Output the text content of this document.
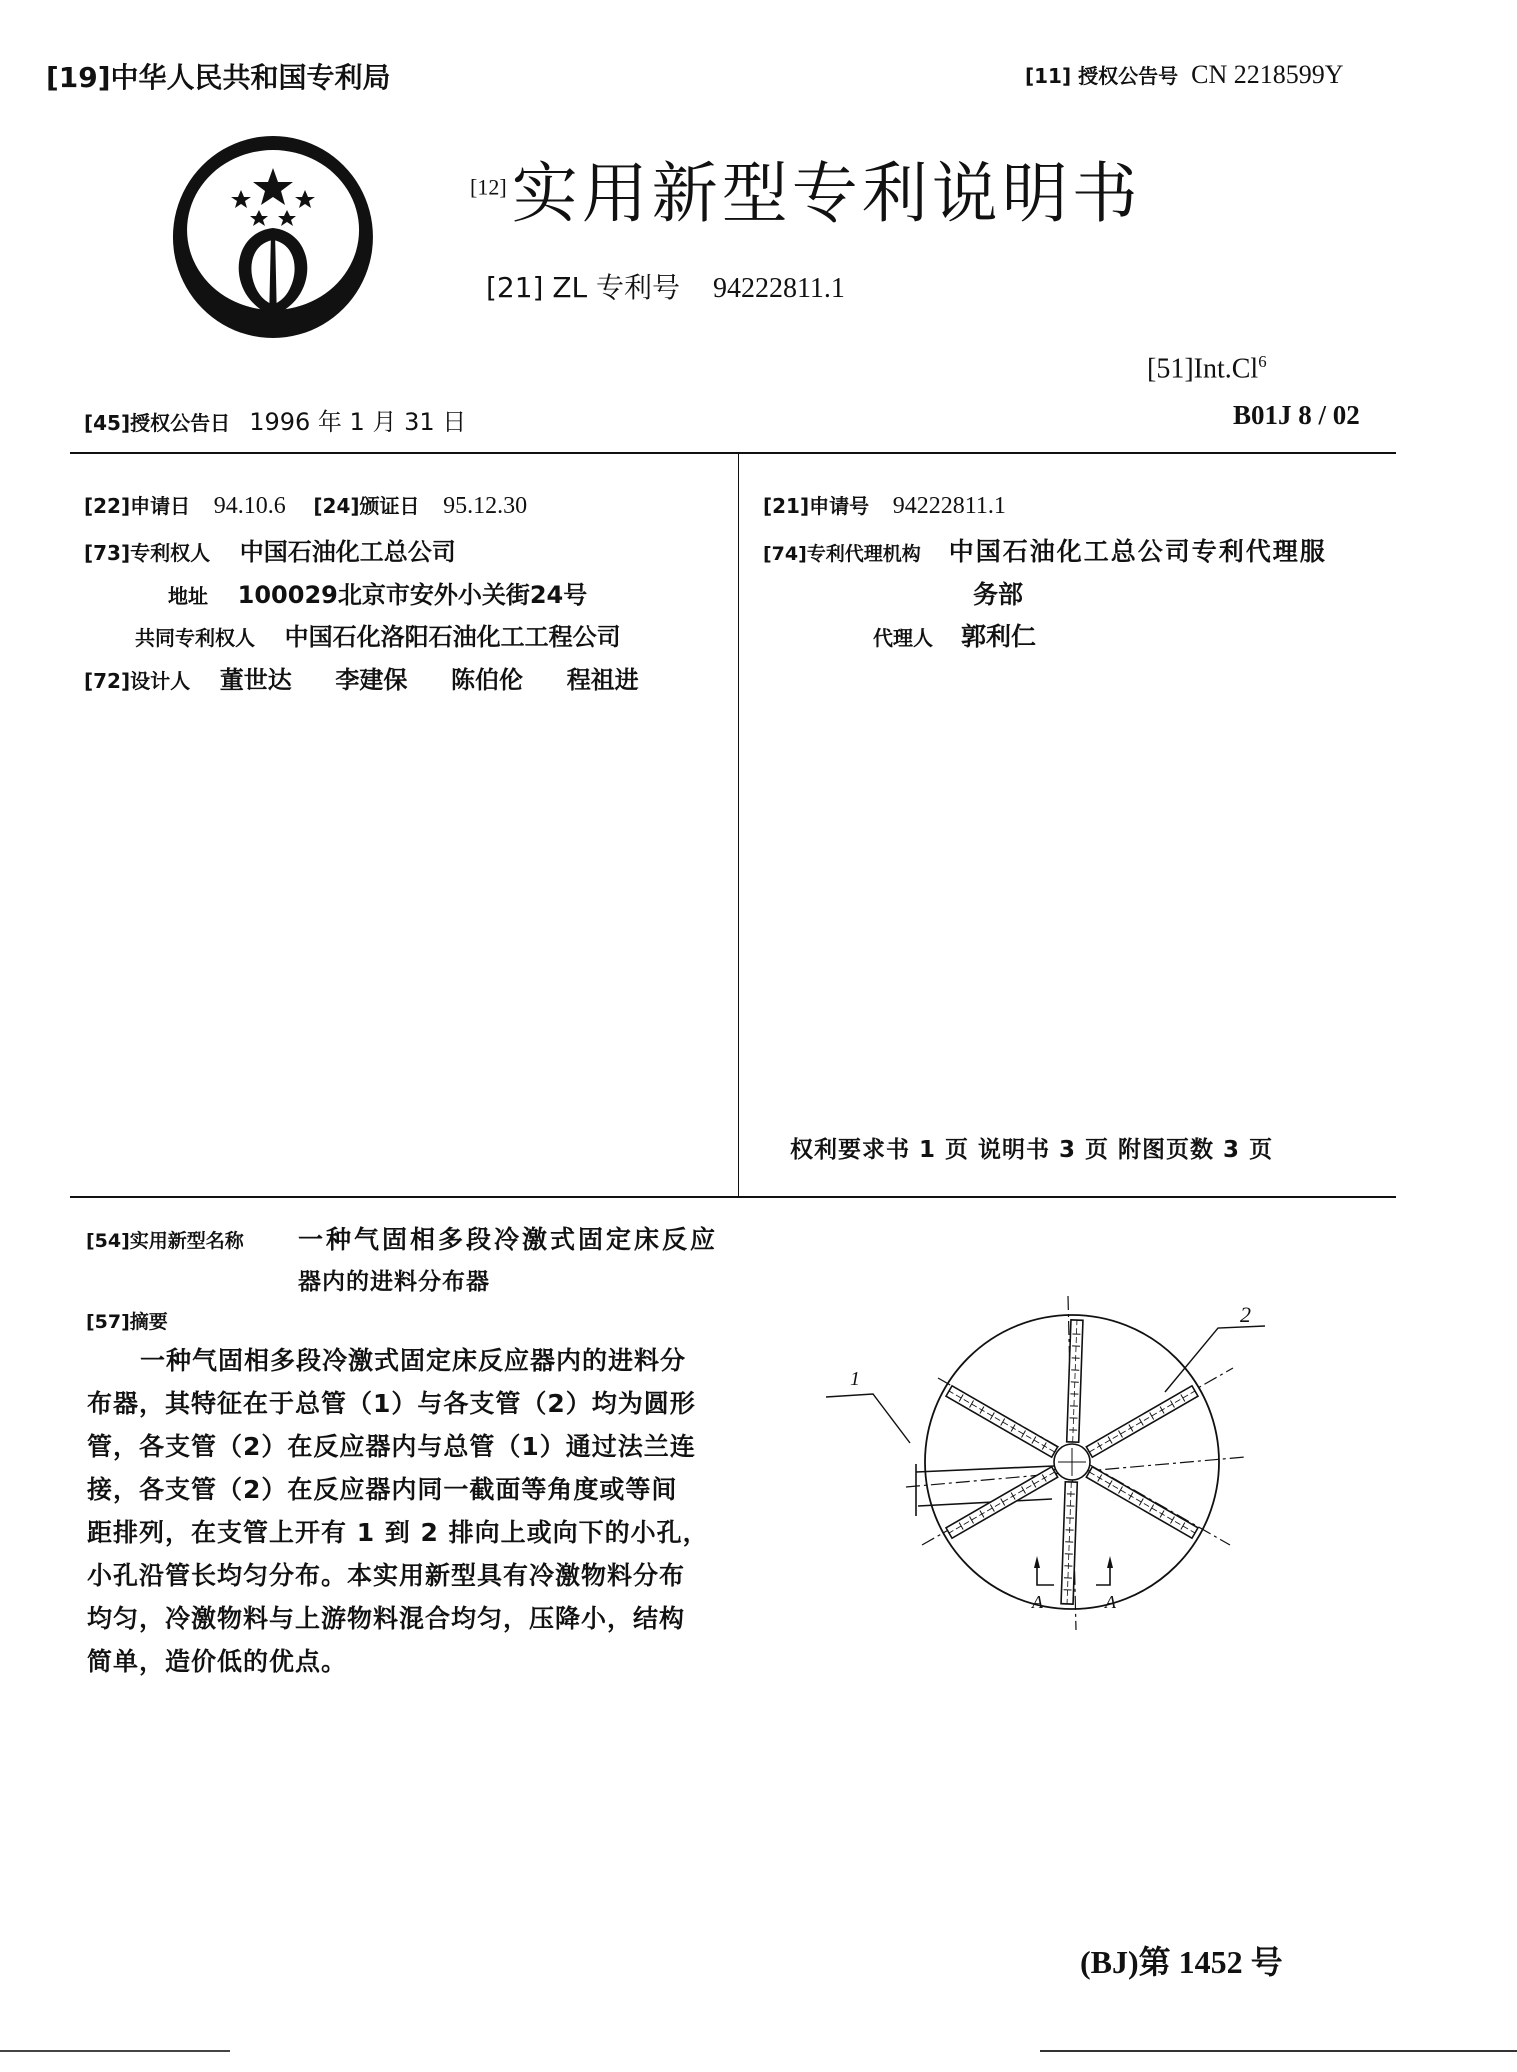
[19]中华人民共和国专利局	[11] 授权公告号 CN 2218599Y
[12] 实用新型专利说明书
[21] ZL 专利号 94222811.1
[51]Int.Cl$^6$
B01J 8 / 02
[45]授权公告日 1996 年 1 月 31 日
[22]申请日 94.10.6 [24]颁证日 95.12.30
[73]专利权人 中国石油化工总公司
地址 100029北京市安外小关街24号
共同专利权人 中国石化洛阳石油化工工程公司
[72]设计人 董世达 李建保 陈伯伦 程祖进
[21]申请号 94222811.1
[74]专利代理机构 中国石油化工总公司专利代理服
务部
代理人 郭利仁
权利要求书 1 页 说明书 3 页 附图页数 3 页
[54]实用新型名称 一种气固相多段冷激式固定床反应
器内的进料分布器
[57]摘要
一种气固相多段冷激式固定床反应器内的进料分
布器，其特征在于总管（1）与各支管（2）均为圆形
管，各支管（2）在反应器内与总管（1）通过法兰连
接，各支管（2）在反应器内同一截面等角度或等间
距排列，在支管上开有 1 到 2 排向上或向下的小孔，
小孔沿管长均匀分布。本实用新型具有冷激物料分布
均匀，冷激物料与上游物料混合均匀，压降小，结构
简单，造价低的优点。
1
2
A	A
(BJ)第 1452 号
